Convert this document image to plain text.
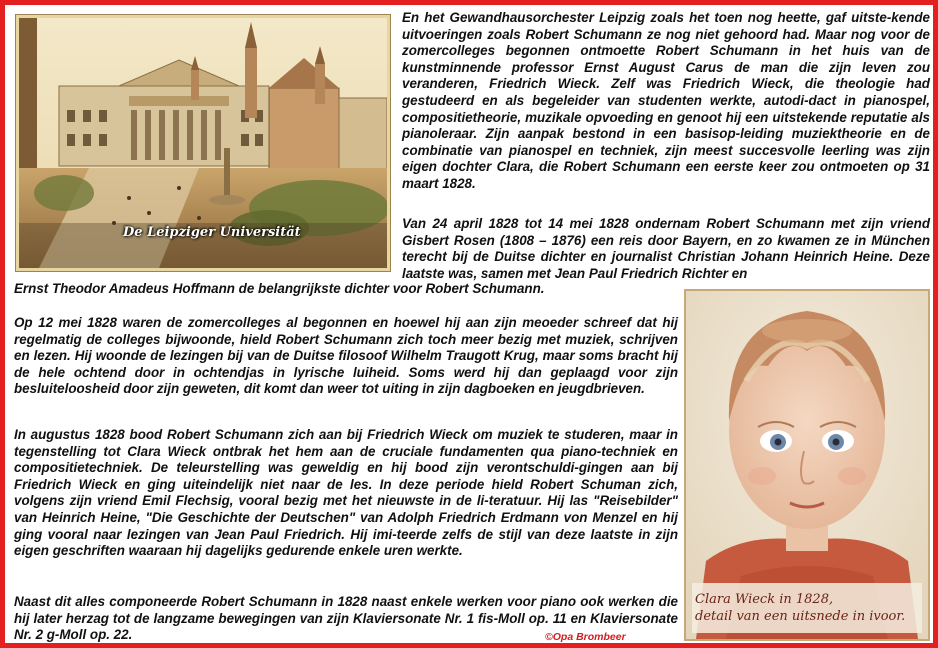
De Leipziger Universität

En het Gewandhausorchester Leipzig zoals het toen nog heette, gaf uitste-kende uitvoeringen zoals Robert Schumann ze nog niet gehoord had. Maar nog voor de zomercolleges begonnen ontmoette Robert Schumann in het huis van de kunstminnende professor Ernst August Carus de man die zijn leven zou veranderen, Friedrich Wieck. Zelf was Friedrich Wieck, die theologie had gestudeerd en als begeleider van studenten werkte, autodi-dact in pianospel, compositietheorie, muzikale opvoeding en genoot hij een uitstekende reputatie als pianoleraar. Zijn aanpak bestond in een basisop-leiding muziektheorie en de combinatie van pianospel en techniek, zijn meest succesvolle leerling was zijn eigen dochter Clara, die Robert Schumann een eerste keer zou ontmoeten op 31 maart 1828.

Van 24 april 1828 tot 14 mei 1828 ondernam Robert Schumann met zijn vriend Gisbert Rosen (1808 – 1876) een reis door Bayern, en zo kwamen ze in München terecht bij de Duitse dichter en journalist Christian Johann Heinrich Heine. Deze laatste was, samen met Jean Paul Friedrich Richter en

Ernst Theodor Amadeus Hoffmann de belangrijkste dichter voor Robert Schumann.

Op 12 mei 1828 waren de zomercolleges al begonnen en hoewel hij aan zijn meoeder schreef dat hij regelmatig de colleges bijwoonde, hield Robert Schumann zich toch meer bezig met muziek, schrijven en lezen. Hij woonde de lezingen bij van de Duitse filosoof Wilhelm Traugott Krug, maar soms bracht hij de hele ochtend door in ochtendjas in lyrische luiheid. Soms werd hij dan geplaagd voor zijn besluiteloosheid door zijn geweten, dit komt dan weer tot uiting in zijn dagboeken en jeugdbrieven.

In augustus 1828 bood Robert Schumann zich aan bij Friedrich Wieck om muziek te studeren, maar in tegenstelling tot Clara Wieck ontbrak het hem aan de cruciale fundamenten qua piano-techniek en compositietechniek. De teleurstelling was geweldig en hij bood zijn verontschuldi-gingen aan bij Friedrich Wieck en ging uiteindelijk niet naar de les. In deze periode hield Robert Schuman zich, volgens zijn vriend Emil Flechsig, vooral bezig met het nieuwste in de li-teratuur. Hij las "Reisebilder" van Heinrich Heine, "Die Geschichte der Deutschen" van Adolph Friedrich Erdmann von Menzel en hij ging vooral naar lezingen van Jean Paul Friedrich. Hij imi-teerde zelfs de stijl van deze laatste in zijn eigen geschriften waaraan hij dagelijks gedurende enkele uren werkte.

Naast dit alles componeerde Robert Schumann in 1828 naast enkele werken voor piano ook werken die hij later herzag tot de langzame bewegingen van zijn Klaviersonate Nr. 1 fis-Moll op. 11 en Klaviersonate Nr. 2 g-Moll op. 22.

Clara Wieck in 1828,
detail van een uitsnede in ivoor.
©Opa Brombeer
